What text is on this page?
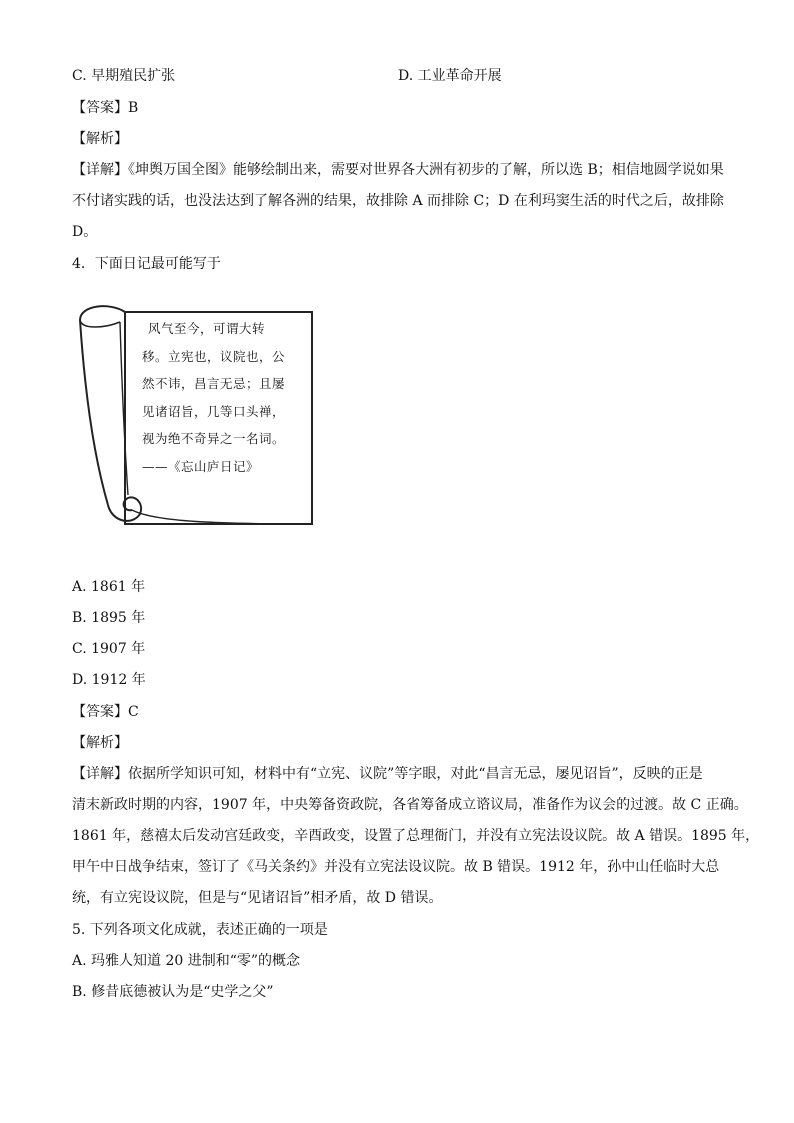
C. 早期殖民扩张	D. 工业革命开展
【答案】B
【解析】
【详解】《坤舆万国全图》能够绘制出来，需要对世界各大洲有初步的了解，所以选 B；相信地圆学说如果
不付诸实践的话，也没法达到了解各洲的结果，故排除 A 而排除 C；D 在利玛窦生活的时代之后，故排除
D。
4．下面日记最可能写于
风气至今，可谓大转
移。立宪也，议院也，公
然不讳，昌言无忌；且屡
见诸诏旨，几等口头禅，
视为绝不奇异之一名词。
——《忘山庐日记》
A. 1861 年
B. 1895 年
C. 1907 年
D. 1912 年
【答案】C
【解析】
【详解】依据所学知识可知，材料中有“立宪、议院”等字眼，对此“昌言无忌，屡见诏旨”，反映的正是
清末新政时期的内容，1907 年，中央筹备资政院，各省筹备成立谘议局，准备作为议会的过渡。故 C 正确。
1861 年，慈禧太后发动宫廷政变，辛酉政变，设置了总理衙门，并没有立宪法设议院。故 A 错误。1895 年，
甲午中日战争结束，签订了《马关条约》并没有立宪法设议院。故 B 错误。1912 年，孙中山任临时大总
统，有立宪设议院，但是与“见诸诏旨”相矛盾，故 D 错误。
5. 下列各项文化成就，表述正确的一项是
A. 玛雅人知道 20 进制和“零”的概念
B. 修昔底德被认为是“史学之父”
